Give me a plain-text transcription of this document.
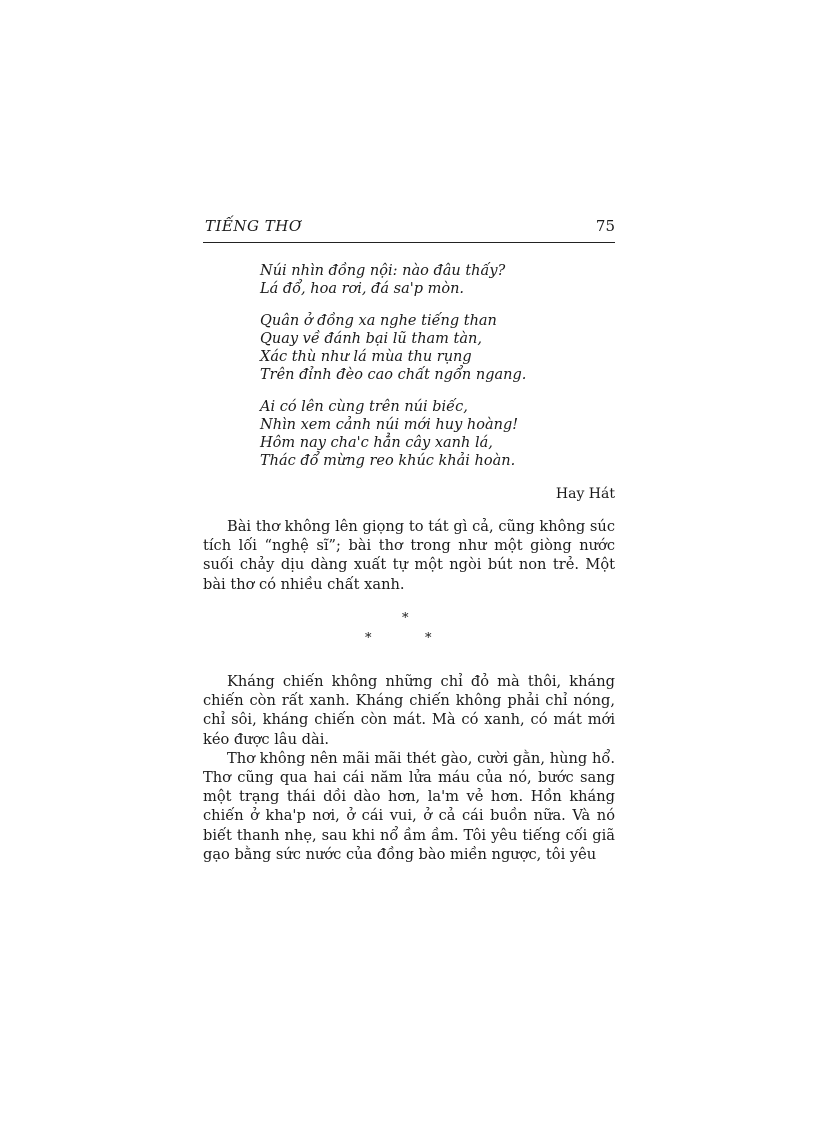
TIẾNG THƠ	75
Núi nhìn đồng nội: nào đâu thấy?
Lá đổ, hoa rơi, đá sa'p mòn.
Quân ở đồng xa nghe tiếng than
Quay về đánh bại lũ tham tàn,
Xác thù như lá mùa thu rụng
Trên đỉnh đèo cao chất ngổn ngang.
Ai có lên cùng trên núi biếc,
Nhìn xem cảnh núi mới huy hoàng!
Hôm nay cha'c hẳn cây xanh lá,
Thác đổ mừng reo khúc khải hoàn.
Hay Hát

Bài thơ không lên giọng to tát gì cả, cũng không súc tích lối “nghệ sĩ”; bài thơ trong như một giòng nước suối chảy dịu dàng xuất tự một ngòi bút non trẻ. Một bài thơ có nhiều chất xanh.

*
*	*

Kháng chiến không những chỉ đỏ mà thôi, kháng chiến còn rất xanh. Kháng chiến không phải chỉ nóng, chỉ sôi, kháng chiến còn mát. Mà có xanh, có mát mới kéo được lâu dài.

Thơ không nên mãi mãi thét gào, cười gằn, hùng hổ. Thơ cũng qua hai cái năm lửa máu của nó, bước sang một trạng thái dồi dào hơn, la'm vẻ hơn. Hồn kháng chiến ở kha'p nơi, ở cái vui, ở cả cái buồn nữa. Và nó biết thanh nhẹ, sau khi nổ ầm ầm. Tôi yêu tiếng cối giã gạo bằng sức nước của đồng bào miền ngược, tôi yêu
